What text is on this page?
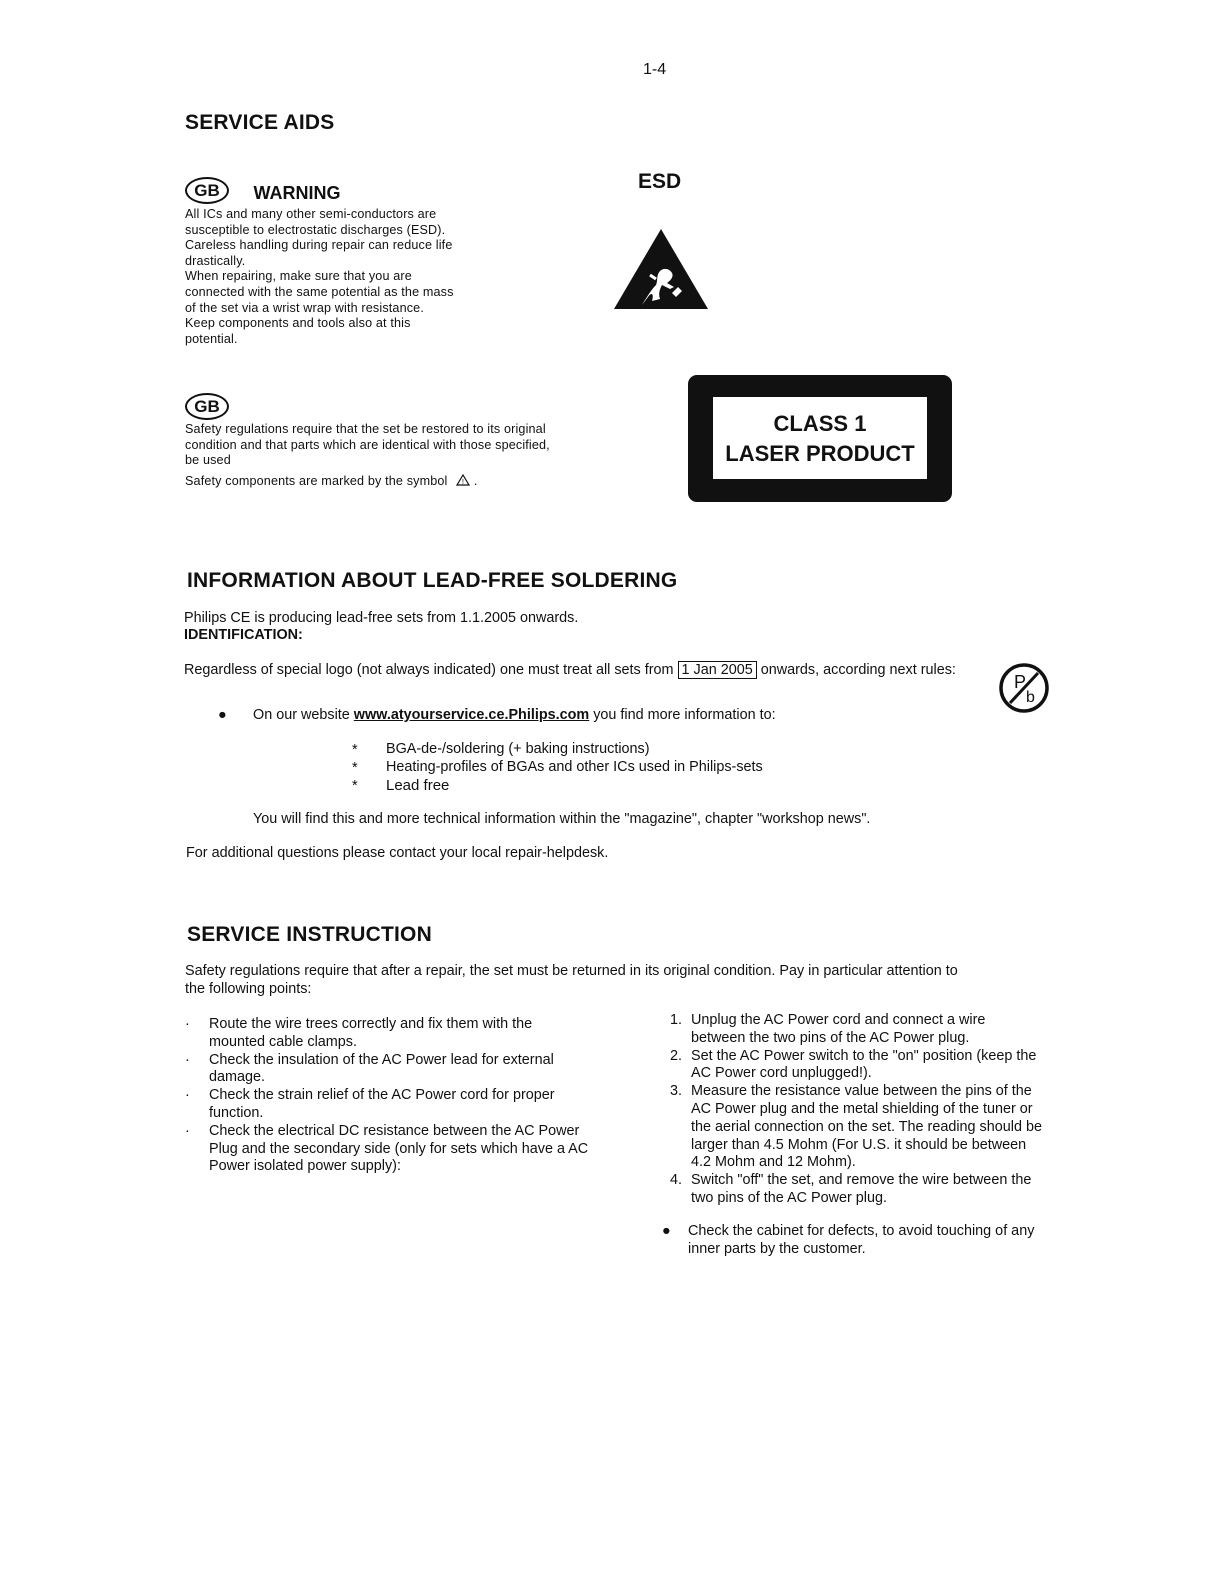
1-4
SERVICE AIDS
GB WARNING
All ICs and many other semi-conductors are
susceptible to electrostatic discharges (ESD).
Careless handling during repair can reduce life
drastically.
When repairing, make sure that you are
connected with the same potential as the mass
of the set via a wrist wrap with resistance.
Keep components and tools also at this
potential.
ESD
GB
Safety regulations require that the set be restored to its original
condition and that parts which are identical with those specified,
be used
Safety components are marked by the symbol ! .
CLASS 1
LASER PRODUCT
INFORMATION ABOUT LEAD-FREE SOLDERING
Philips CE is producing lead-free sets from 1.1.2005 onwards.
IDENTIFICATION:
Regardless of special logo (not always indicated) one must treat all sets from 1 Jan 2005 onwards, according next rules:
P
b
● On our website www.atyourservice.ce.Philips.com you find more information to:
* BGA-de-/soldering (+ baking instructions)
* Heating-profiles of BGAs and other ICs used in Philips-sets
* Lead free
You will find this and more technical information within the "magazine", chapter "workshop news".
For additional questions please contact your local repair-helpdesk.
SERVICE INSTRUCTION
Safety regulations require that after a repair, the set must be returned in its original condition. Pay in particular attention to
the following points:
· Route the wire trees correctly and fix them with the
mounted cable clamps.
· Check the insulation of the AC Power lead for external
damage.
· Check the strain relief of the AC Power cord for proper
function.
· Check the electrical DC resistance between the AC Power
Plug and the secondary side (only for sets which have a AC
Power isolated power supply):
1. Unplug the AC Power cord and connect a wire
between the two pins of the AC Power plug.
2. Set the AC Power switch to the "on" position (keep the
AC Power cord unplugged!).
3. Measure the resistance value between the pins of the
AC Power plug and the metal shielding of the tuner or
the aerial connection on the set. The reading should be
larger than 4.5 Mohm (For U.S. it should be between
4.2 Mohm and 12 Mohm).
4. Switch "off" the set, and remove the wire between the
two pins of the AC Power plug.
● Check the cabinet for defects, to avoid touching of any
inner parts by the customer.
